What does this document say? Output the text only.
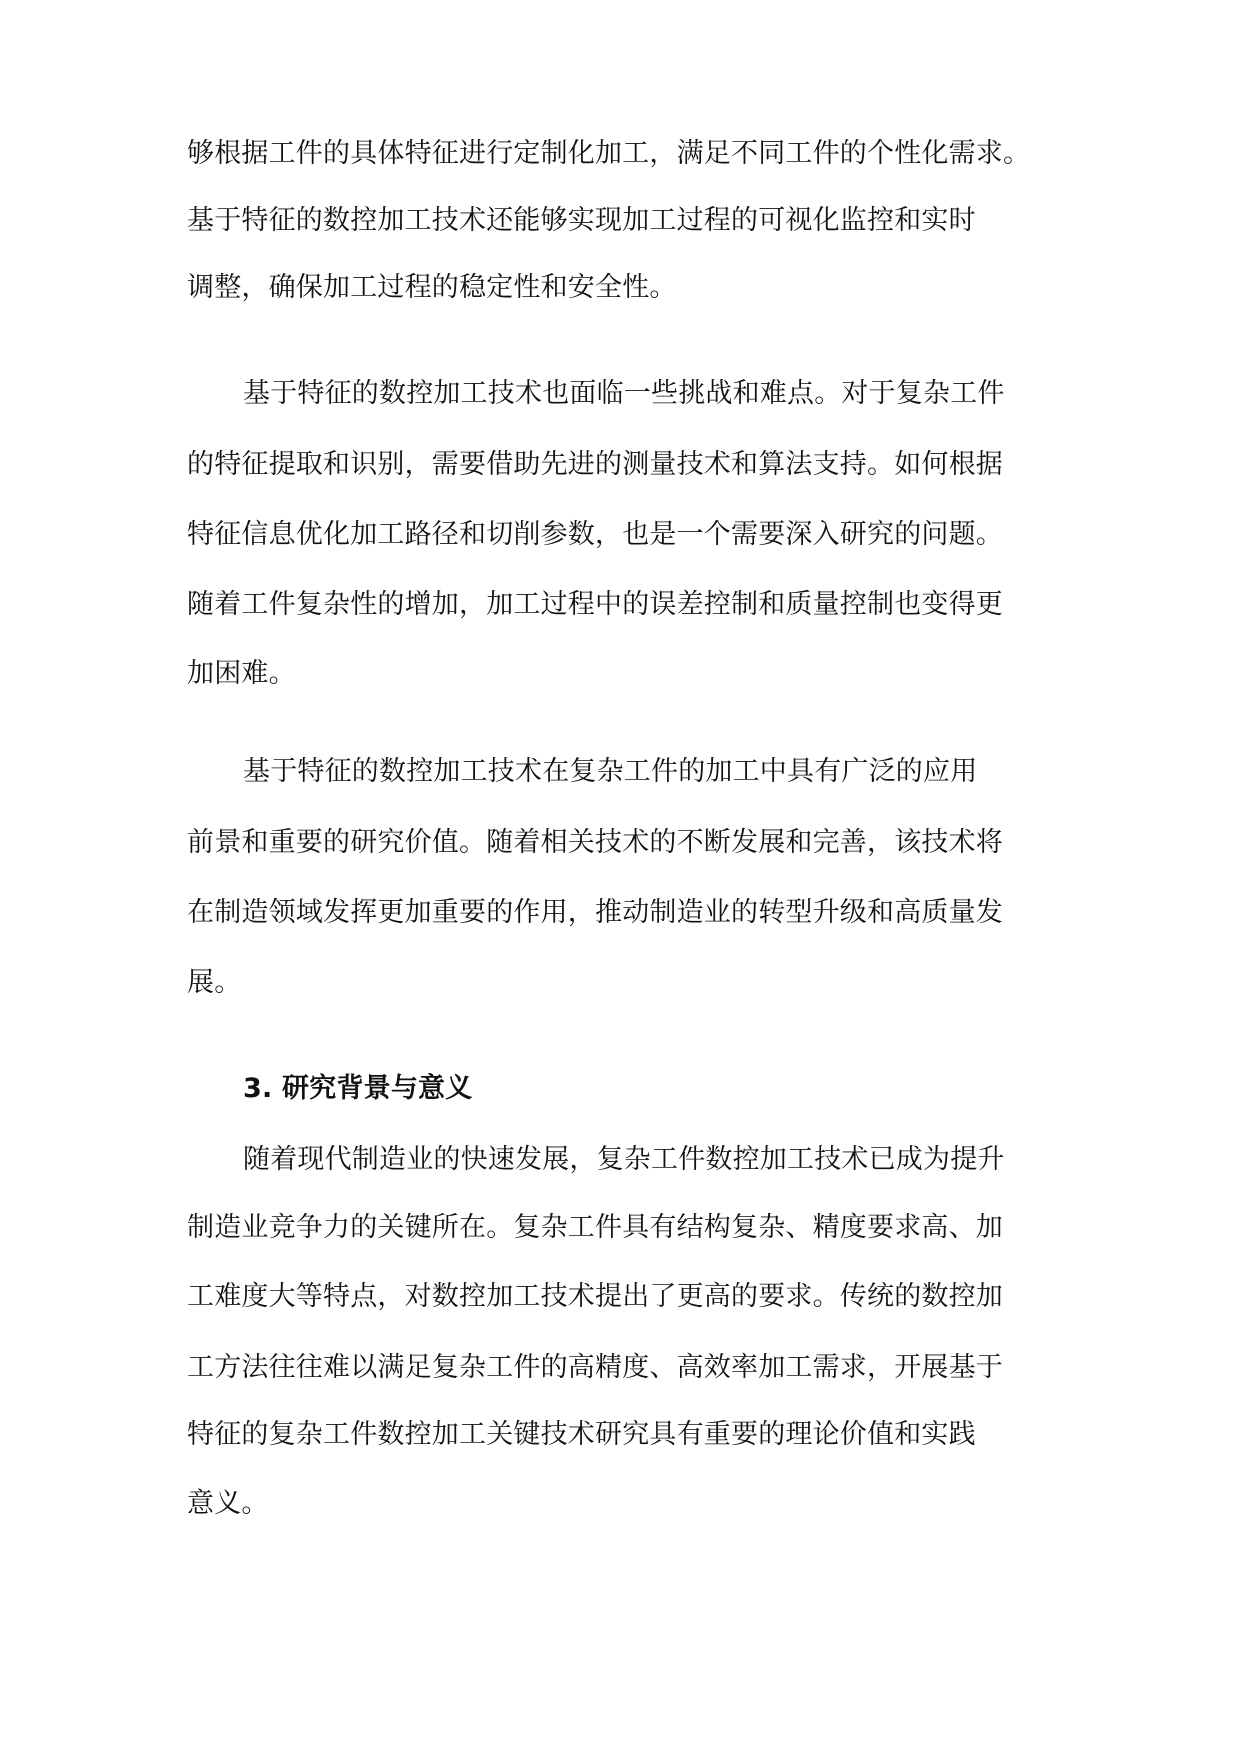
够根据工件的具体特征进行定制化加工，满足不同工件的个性化需求。
基于特征的数控加工技术还能够实现加工过程的可视化监控和实时
调整，确保加工过程的稳定性和安全性。
基于特征的数控加工技术也面临一些挑战和难点。对于复杂工件
的特征提取和识别，需要借助先进的测量技术和算法支持。如何根据
特征信息优化加工路径和切削参数，也是一个需要深入研究的问题。
随着工件复杂性的增加，加工过程中的误差控制和质量控制也变得更
加困难。
基于特征的数控加工技术在复杂工件的加工中具有广泛的应用
前景和重要的研究价值。随着相关技术的不断发展和完善，该技术将
在制造领域发挥更加重要的作用，推动制造业的转型升级和高质量发
展。
3. 研究背景与意义
随着现代制造业的快速发展，复杂工件数控加工技术已成为提升
制造业竞争力的关键所在。复杂工件具有结构复杂、精度要求高、加
工难度大等特点，对数控加工技术提出了更高的要求。传统的数控加
工方法往往难以满足复杂工件的高精度、高效率加工需求，开展基于
特征的复杂工件数控加工关键技术研究具有重要的理论价值和实践
意义。
